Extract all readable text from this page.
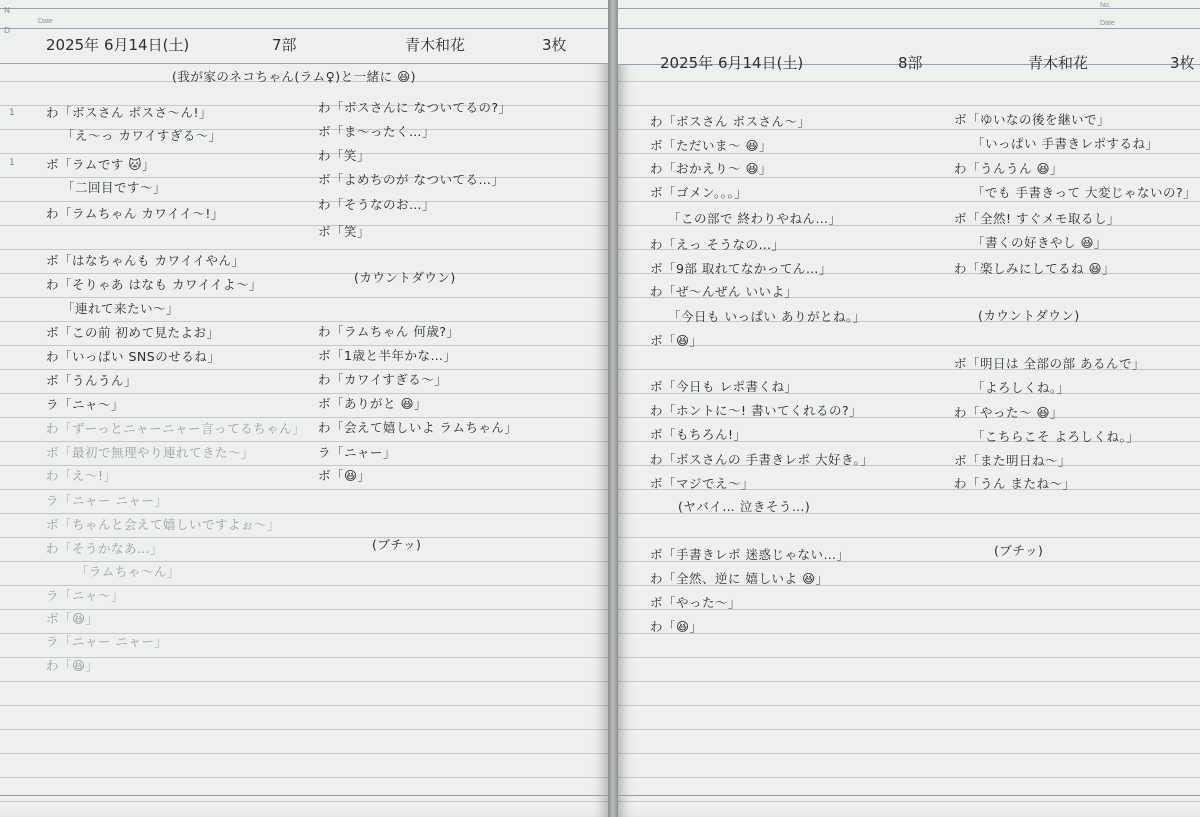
Date
N
D
2025年 6月14日(土)	7部	青木和花	3枚
(我が家のネコちゃん(ラム♀)と一緒に 😆)
1
1
わ「ボスさん ボスさ〜ん!」
「え〜っ カワイすぎる〜」
ボ「ラムです 🐱」
「二回目です〜」
わ「ラムちゃん カワイイ〜!」
ボ「はなちゃんも カワイイやん」
わ「そりゃあ はなも カワイイよ〜」
「連れて来たい〜」
ボ「この前 初めて見たよお」
わ「いっぱい SNSのせるね」
ボ「うんうん」
ラ「ニャ〜」
わ「ずーっとニャーニャー言ってるちゃん」
ボ「最初で無理やり連れてきた〜」
わ「え〜!」
ラ「ニャー ニャー」
ボ「ちゃんと会えて嬉しいですよぉ〜」
わ「そうかなあ…」
「ラムちゃ〜ん」
ラ「ニャ〜」
ボ「😆」
ラ「ニャー ニャー」
わ「😆」
わ「ボスさんに なついてるの?」
ボ「ま〜ったく…」
わ「笑」
ボ「よめちのが なついてる…」
わ「そうなのお…」
ボ「笑」
(カウントダウン)
わ「ラムちゃん 何歳?」
ボ「1歳と半年かな…」
わ「カワイすぎる〜」
ボ「ありがと 😆」
わ「会えて嬉しいよ ラムちゃん」
ラ「ニャー」
ボ「😆」
(ブチッ)
No.
Date
2025年 6月14日(土)	8部	青木和花	3枚
わ「ボスさん ボスさん〜」
ボ「ただいま〜 😆」
わ「おかえり〜 😆」
ボ「ゴメン。。。」
「この部で 終わりやねん…」
わ「えっ そうなの…」
ボ「9部 取れてなかってん…」
わ「ぜ〜んぜん いいよ」
「今日も いっぱい ありがとね。」
ボ「😆」
ボ「今日も レポ書くね」
わ「ホントに〜! 書いてくれるの?」
ボ「もちろん!」
わ「ボスさんの 手書きレポ 大好き。」
ボ「マジでえ〜」
(ヤバイ… 泣きそう…)
ボ「手書きレポ 迷惑じゃない…」
わ「全然、逆に 嬉しいよ 😆」
ボ「やった〜」
わ「😆」
ボ「ゆいなの後を継いで」
「いっぱい 手書きレポするね」
わ「うんうん 😆」
「でも 手書きって 大変じゃないの?」
ボ「全然! すぐメモ取るし」
「書くの好きやし 😆」
わ「楽しみにしてるね 😆」
(カウントダウン)
ボ「明日は 全部の部 あるんで」
「よろしくね。」
わ「やった〜 😆」
「こちらこそ よろしくね。」
ボ「また明日ね〜」
わ「うん またね〜」
(ブチッ)
